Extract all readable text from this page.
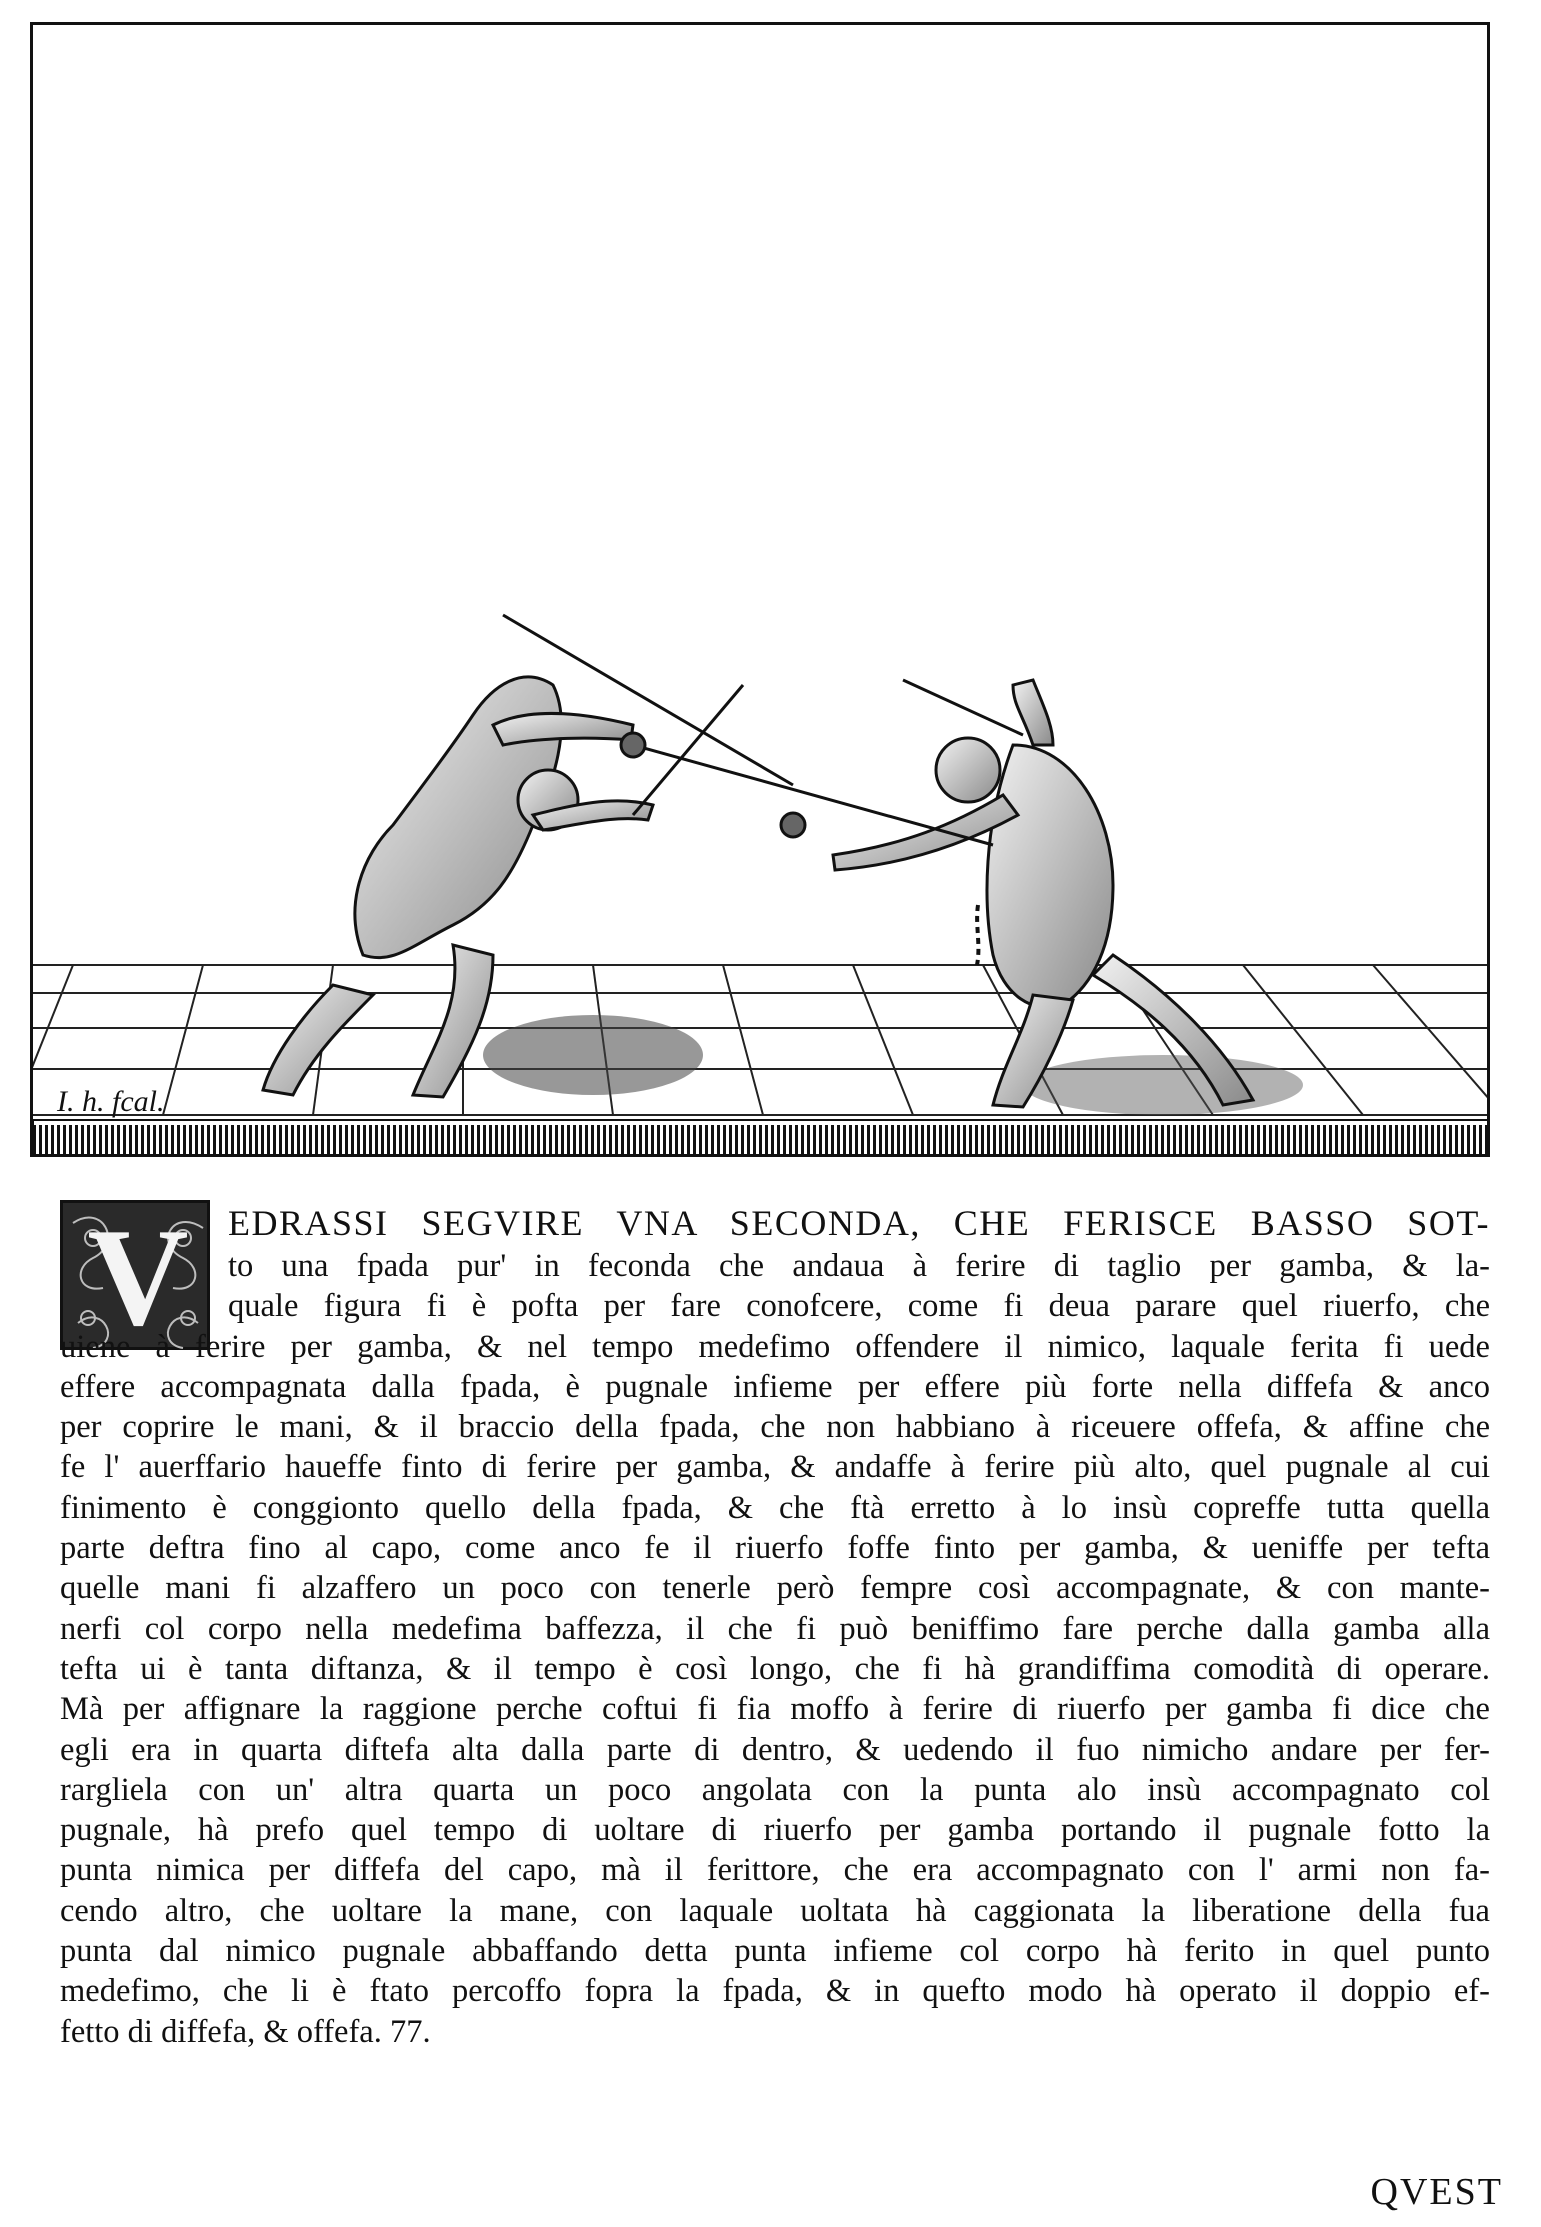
I. h. fcal.
V	EDRASSI SEGVIRE VNA SECONDA, CHE FERISCE BASSO SOT-
to una fpada pur' in feconda che andaua à ferire di taglio per gamba, & la-
quale figura fi è pofta per fare conofcere, come fi deua parare quel riuerfo, che
uiene à ferire per gamba, & nel tempo medefimo offendere il nimico, laquale ferita fi uede
effere accompagnata dalla fpada, è pugnale infieme per effere più forte nella diffefa & anco
per coprire le mani, & il braccio della fpada, che non habbiano à riceuere offefa, & affine che
fe l' auerffario haueffe finto di ferire per gamba, & andaffe à ferire più alto, quel pugnale al cui
finimento è conggionto quello della fpada, & che ftà erretto à lo insù copreffe tutta quella
parte deftra fino al capo, come anco fe il riuerfo foffe finto per gamba, & ueniffe per tefta
quelle mani fi alzaffero un poco con tenerle però fempre così accompagnate, & con mante-
nerfi col corpo nella medefima baffezza, il che fi può beniffimo fare perche dalla gamba alla
tefta ui è tanta diftanza, & il tempo è così longo, che fi hà grandiffima comodità di operare.
Mà per affignare la raggione perche coftui fi fia moffo à ferire di riuerfo per gamba fi dice che
egli era in quarta diftefa alta dalla parte di dentro, & uedendo il fuo nimicho andare per fer-
rargliela con un' altra quarta un poco angolata con la punta alo insù accompagnato col
pugnale, hà prefo quel tempo di uoltare di riuerfo per gamba portando il pugnale fotto la
punta nimica per diffefa del capo, mà il ferittore, che era accompagnato con l' armi non fa-
cendo altro, che uoltare la mane, con laquale uoltata hà caggionata la liberatione della fua
punta dal nimico pugnale abbaffando detta punta infieme col corpo hà ferito in quel punto
medefimo, che li è ftato percoffo fopra la fpada, & in quefto modo hà operato il doppio ef-
fetto di diffefa, & offefa. 77.
QVEST
